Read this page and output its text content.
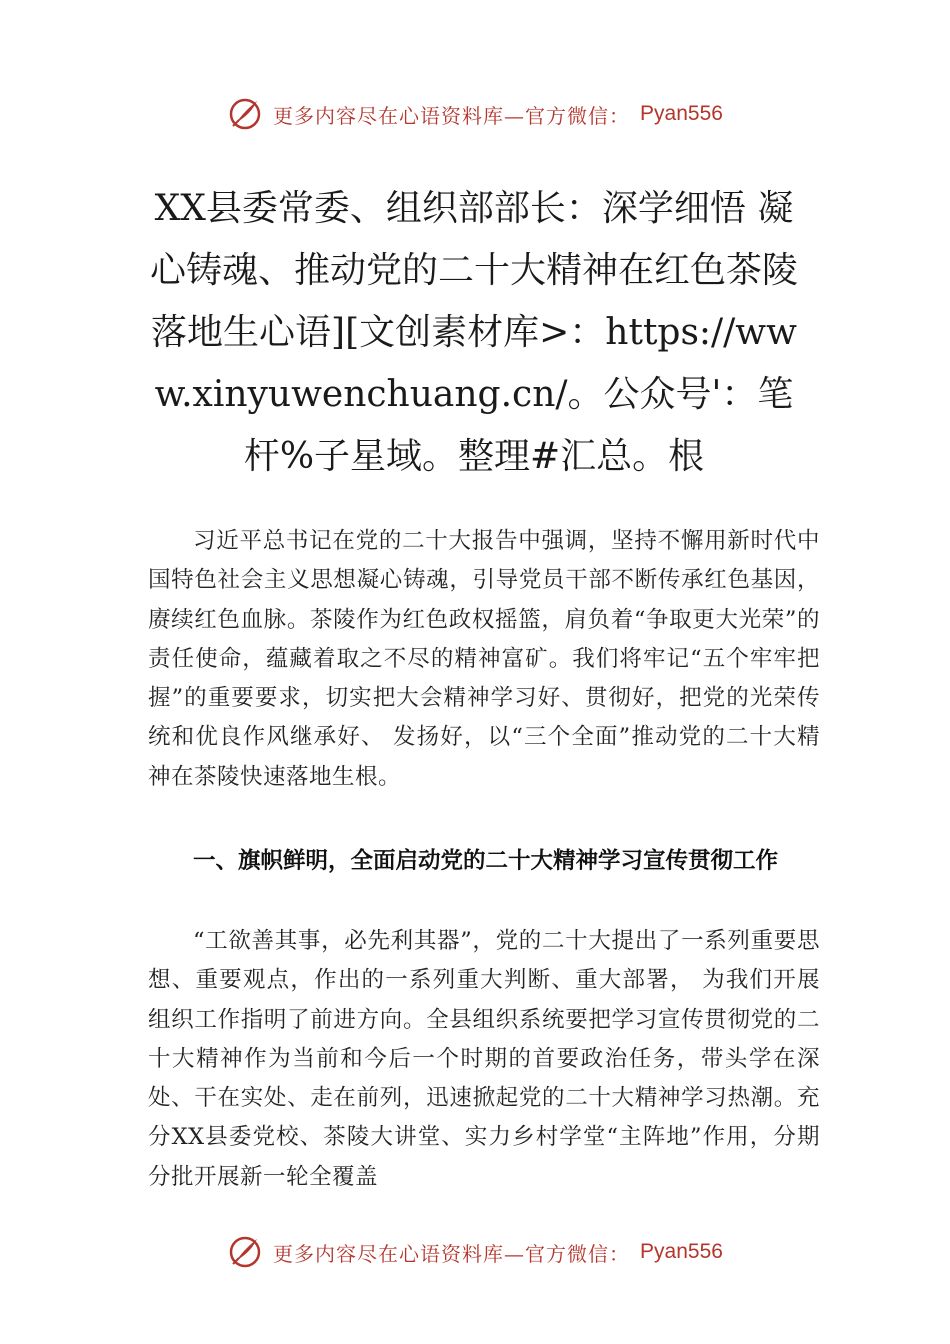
更多内容尽在心语资料库—官方微信： Pyan556
XX县委常委、组织部部长：深学细悟 凝心铸魂、推动党的二十大精神在红色茶陵落地生心语][文创素材库>：https://www.xinyuwenchuang.cn/。公众号'：笔杆%子星域。整理#汇总。根

习近平总书记在党的二十大报告中强调，坚持不懈用新时代中国特色社会主义思想凝心铸魂，引导党员干部不断传承红色基因，赓续红色血脉。茶陵作为红色政权摇篮，肩负着“争取更大光荣”的责任使命，蕴藏着取之不尽的精神富矿。我们将牢记“五个牢牢把握”的重要要求，切实把大会精神学习好、贯彻好，把党的光荣传统和优良作风继承好、 发扬好，以“三个全面”推动党的二十大精神在茶陵快速落地生根。

一、旗帜鲜明，全面启动党的二十大精神学习宣传贯彻工作

“工欲善其事，必先利其器”，党的二十大提出了一系列重要思想、重要观点，作出的一系列重大判断、重大部署， 为我们开展组织工作指明了前进方向。全县组织系统要把学习宣传贯彻党的二十大精神作为当前和今后一个时期的首要政治任务，带头学在深处、干在实处、走在前列，迅速掀起党的二十大精神学习热潮。充分XX县委党校、茶陵大讲堂、实力乡村学堂“主阵地”作用，分期分批开展新一轮全覆盖

更多内容尽在心语资料库—官方微信： Pyan556
